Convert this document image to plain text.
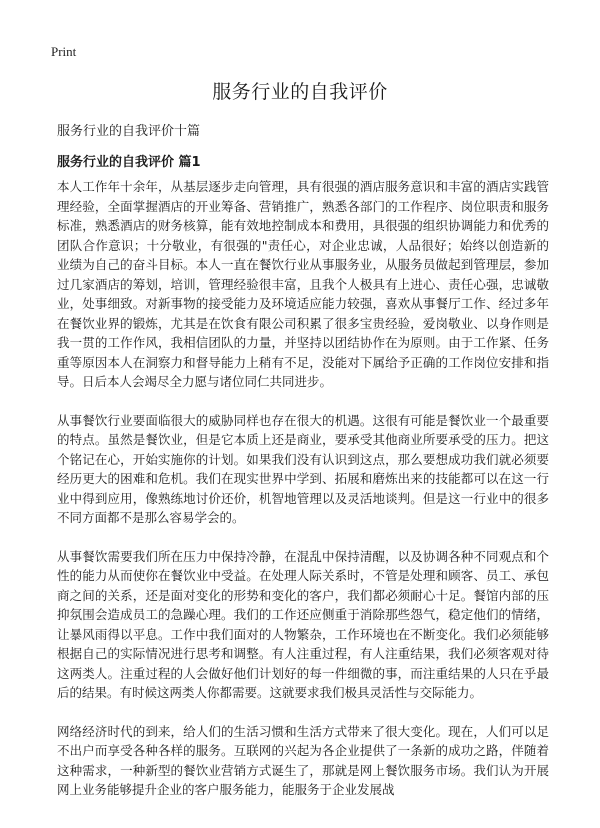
Print
服务行业的自我评价

服务行业的自我评价十篇

服务行业的自我评价 篇1

本人工作年十余年，从基层逐步走向管理，具有很强的酒店服务意识和丰富的酒店实践管理经验，全面掌握酒店的开业筹备、营销推广，熟悉各部门的工作程序、岗位职责和服务标准，熟悉酒店的财务核算，能有效地控制成本和费用，具很强的组织协调能力和优秀的团队合作意识；十分敬业，有很强的"责任心，对企业忠诚，人品很好；始终以创造新的业绩为自己的奋斗目标。本人一直在餐饮行业从事服务业，从服务员做起到管理层，参加过几家酒店的筹划，培训，管理经验很丰富，且我个人极具有上进心、责任心强，忠诚敬业，处事细致。对新事物的接受能力及环境适应能力较强，喜欢从事餐厅工作、经过多年在餐饮业界的锻炼，尤其是在饮食有限公司积累了很多宝贵经验，爱岗敬业、以身作则是我一贯的工作作风，我相信团队的力量，并坚持以团结协作在为原则。由于工作紧、任务重等原因本人在洞察力和督导能力上稍有不足，没能对下属给予正确的工作岗位安排和指导。日后本人会竭尽全力愿与诸位同仁共同进步。

从事餐饮行业要面临很大的威胁同样也存在很大的机遇。这很有可能是餐饮业一个最重要的特点。虽然是餐饮业，但是它本质上还是商业，要承受其他商业所要承受的压力。把这个铭记在心，开始实施你的计划。如果我们没有认识到这点，那么要想成功我们就必须要经历更大的困难和危机。我们在现实世界中学到、拓展和磨炼出来的技能都可以在这一行业中得到应用，像熟练地讨价还价，机智地管理以及灵活地谈判。但是这一行业中的很多不同方面都不是那么容易学会的。

从事餐饮需要我们所在压力中保持冷静，在混乱中保持清醒，以及协调各种不同观点和个性的能力从而使你在餐饮业中受益。在处理人际关系时，不管是处理和顾客、员工、承包商之间的关系，还是面对变化的形势和变化的客户，我们都必须耐心十足。餐馆内部的压抑氛围会造成员工的急躁心理。我们的工作还应侧重于消除那些怨气，稳定他们的情绪，让暴风雨得以平息。工作中我们面对的人物繁杂，工作环境也在不断变化。我们必须能够根据自己的实际情况进行思考和调整。有人注重过程，有人注重结果，我们必须客观对待这两类人。注重过程的人会做好他们计划好的每一件细微的事，而注重结果的人只在乎最后的结果。有时候这两类人你都需要。这就要求我们极具灵活性与交际能力。

网络经济时代的到来，给人们的生活习惯和生活方式带来了很大变化。现在，人们可以足不出户而享受各种各样的服务。互联网的兴起为各企业提供了一条新的成功之路，伴随着这种需求，一种新型的餐饮业营销方式诞生了，那就是网上餐饮服务市场。我们认为开展网上业务能够提升企业的客户服务能力，能服务于企业发展战
